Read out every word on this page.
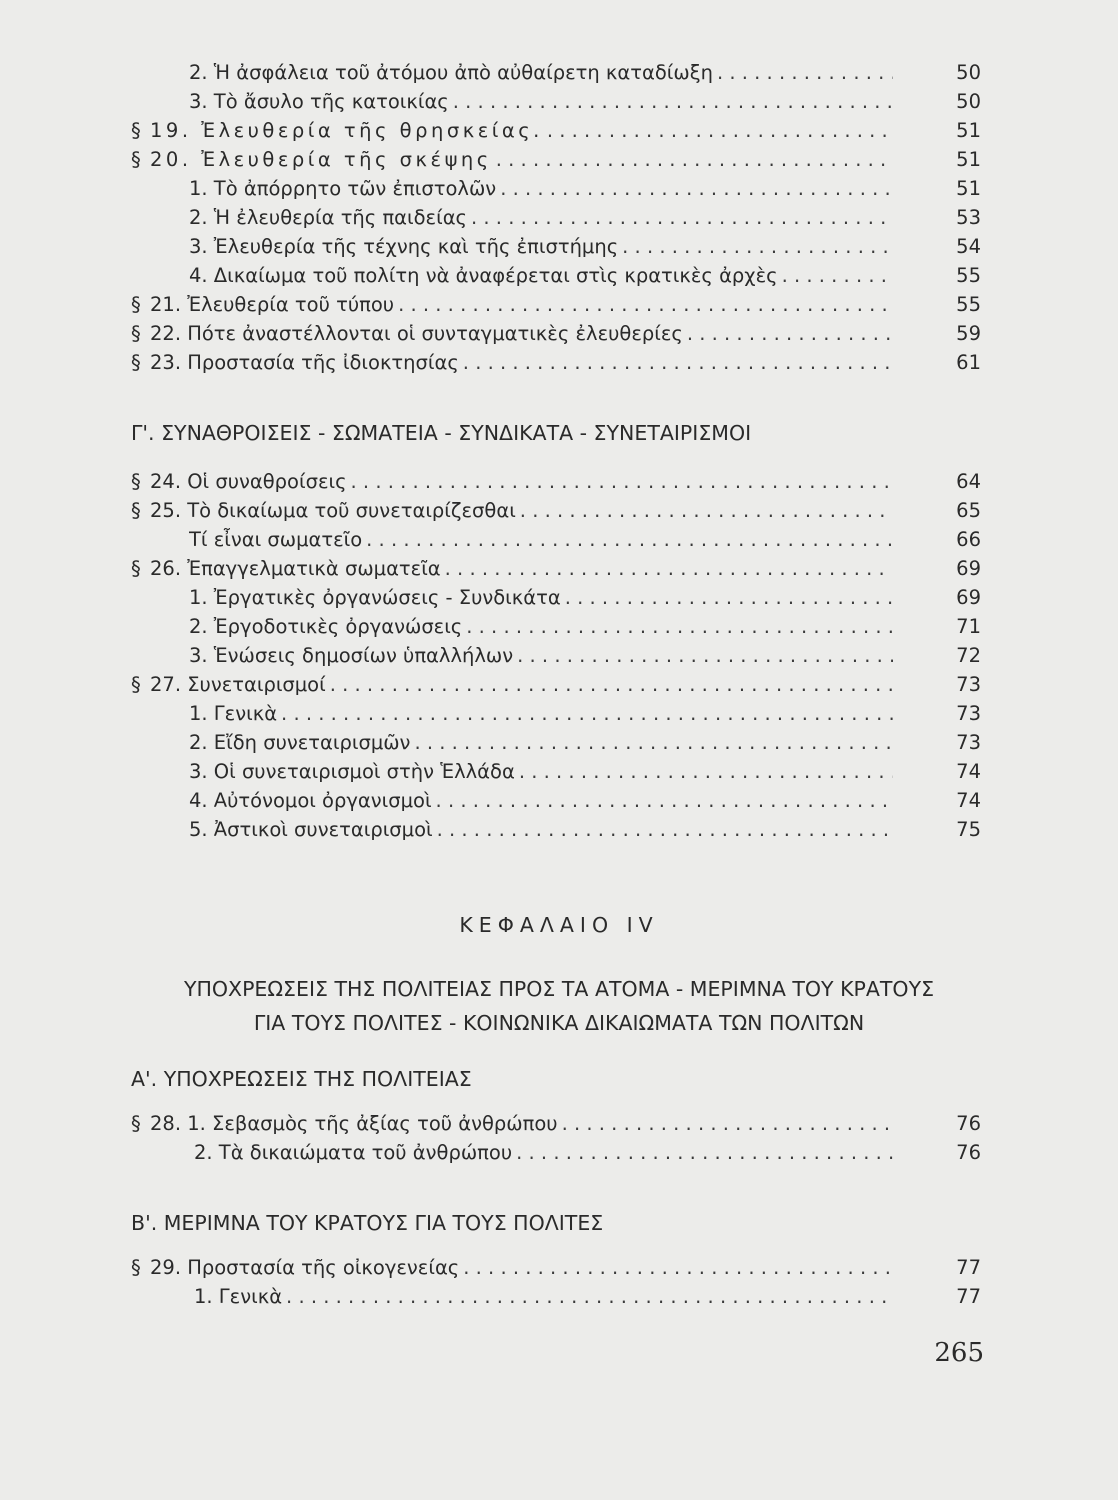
2. Ἡ ἀσφάλεια τοῦ ἀτόμου ἀπὸ αὐθαίρετη καταδίωξη . . .	50
3. Τὸ ἄσυλο τῆς κατοικίας . . .	50
§ 19. Ἐλευθερία τῆς θρησκείας. . . .	51
§ 20. Ἐλευθερία τῆς σκέψης . . .	51
1. Τὸ ἀπόρρητο τῶν ἐπιστολῶν . . .	51
2. Ἡ ἐλευθερία τῆς παιδείας . . .	53
3. Ἐλευθερία τῆς τέχνης καὶ τῆς ἐπιστήμης . . .	54
4. Δικαίωμα τοῦ πολίτη νὰ ἀναφέρεται στὶς κρατικὲς ἀρχὲς . . .	55
§ 21. Ἐλευθερία τοῦ τύπου . . .	55
§ 22. Πότε ἀναστέλλονται οἱ συνταγματικὲς ἐλευθερίες . . .	59
§ 23. Προστασία τῆς ἰδιοκτησίας . . .	61
Γ'. ΣΥΝΑΘΡΟΙΣΕΙΣ - ΣΩΜΑΤΕΙΑ - ΣΥΝΔΙΚΑΤΑ - ΣΥΝΕΤΑΙΡΙΣΜΟΙ
§ 24. Οἱ συναθροίσεις . . .	64
§ 25. Τὸ δικαίωμα τοῦ συνεταιρίζεσθαι . . .	65
Τί εἶναι σωματεῖο . . .	66
§ 26. Ἐπαγγελματικὰ σωματεῖα . . .	69
1. Ἐργατικὲς ὀργανώσεις - Συνδικάτα . . .	69
2. Ἐργοδοτικὲς ὀργανώσεις . . .	71
3. Ἑνώσεις δημοσίων ὑπαλλήλων . . .	72
§ 27. Συνεταιρισμοί . . .	73
1. Γενικὰ . . .	73
2. Εἴδη συνεταιρισμῶν . . .	73
3. Οἱ συνεταιρισμοὶ στὴν Ἑλλάδα . . .	74
4. Αὐτόνομοι ὀργανισμοὶ . . .	74
5. Ἀστικοὶ συνεταιρισμοὶ . . .	75
ΚΕΦΑΛΑΙΟ IV
ΥΠΟΧΡΕΩΣΕΙΣ ΤΗΣ ΠΟΛΙΤΕΙΑΣ ΠΡΟΣ ΤΑ ΑΤΟΜΑ - ΜΕΡΙΜΝΑ ΤΟΥ ΚΡΑΤΟΥΣ
ΓΙΑ ΤΟΥΣ ΠΟΛΙΤΕΣ - ΚΟΙΝΩΝΙΚΑ ΔΙΚΑΙΩΜΑΤΑ ΤΩΝ ΠΟΛΙΤΩΝ
Α'. ΥΠΟΧΡΕΩΣΕΙΣ ΤΗΣ ΠΟΛΙΤΕΙΑΣ
§ 28. 1. Σεβασμὸς τῆς ἀξίας τοῦ ἀνθρώπου . . .	76
2. Τὰ δικαιώματα τοῦ ἀνθρώπου . . .	76
Β'. ΜΕΡΙΜΝΑ ΤΟΥ ΚΡΑΤΟΥΣ ΓΙΑ ΤΟΥΣ ΠΟΛΙΤΕΣ
§ 29. Προστασία τῆς οἰκογενείας . . .	77
1. Γενικὰ . . .	77
265
